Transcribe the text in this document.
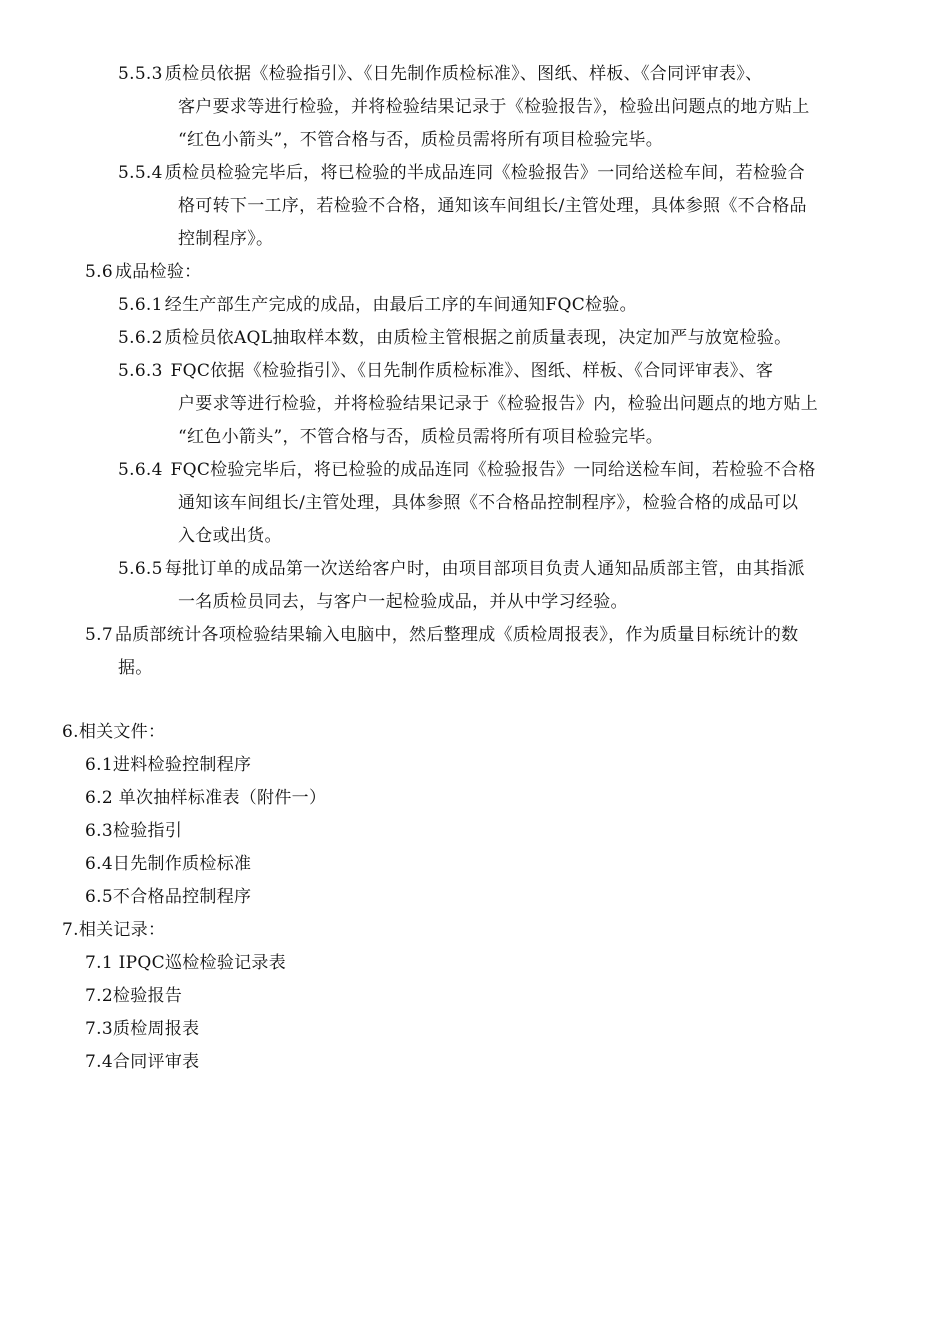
5.5.3 质检员依据《检验指引》、《日先制作质检标准》、图纸、样板、《合同评审表》、
客户要求等进行检验，并将检验结果记录于《检验报告》，检验出问题点的地方贴上
“红色小箭头”，不管合格与否，质检员需将所有项目检验完毕。
5.5.4 质检员检验完毕后，将已检验的半成品连同《检验报告》一同给送检车间，若检验合
格可转下一工序，若检验不合格，通知该车间组长/主管处理，具体参照《不合格品
控制程序》。
5.6 成品检验：
5.6.1 经生产部生产完成的成品，由最后工序的车间通知FQC检验。
5.6.2 质检员依AQL抽取样本数，由质检主管根据之前质量表现，决定加严与放宽检验。
5.6.3 FQC依据《检验指引》、《日先制作质检标准》、图纸、样板、《合同评审表》、客
户要求等进行检验，并将检验结果记录于《检验报告》内，检验出问题点的地方贴上
“红色小箭头”，不管合格与否，质检员需将所有项目检验完毕。
5.6.4 FQC检验完毕后，将已检验的成品连同《检验报告》一同给送检车间，若检验不合格
通知该车间组长/主管处理，具体参照《不合格品控制程序》，检验合格的成品可以
入仓或出货。
5.6.5 每批订单的成品第一次送给客户时，由项目部项目负责人通知品质部主管，由其指派
一名质检员同去，与客户一起检验成品，并从中学习经验。
5.7 品质部统计各项检验结果输入电脑中，然后整理成《质检周报表》，作为质量目标统计的数
据。
6.相关文件：
6.1进料检验控制程序
6.2 单次抽样标准表（附件一）
6.3检验指引
6.4日先制作质检标准
6.5不合格品控制程序
7.相关记录：
7.1 IPQC巡检检验记录表
7.2检验报告
7.3质检周报表
7.4合同评审表
